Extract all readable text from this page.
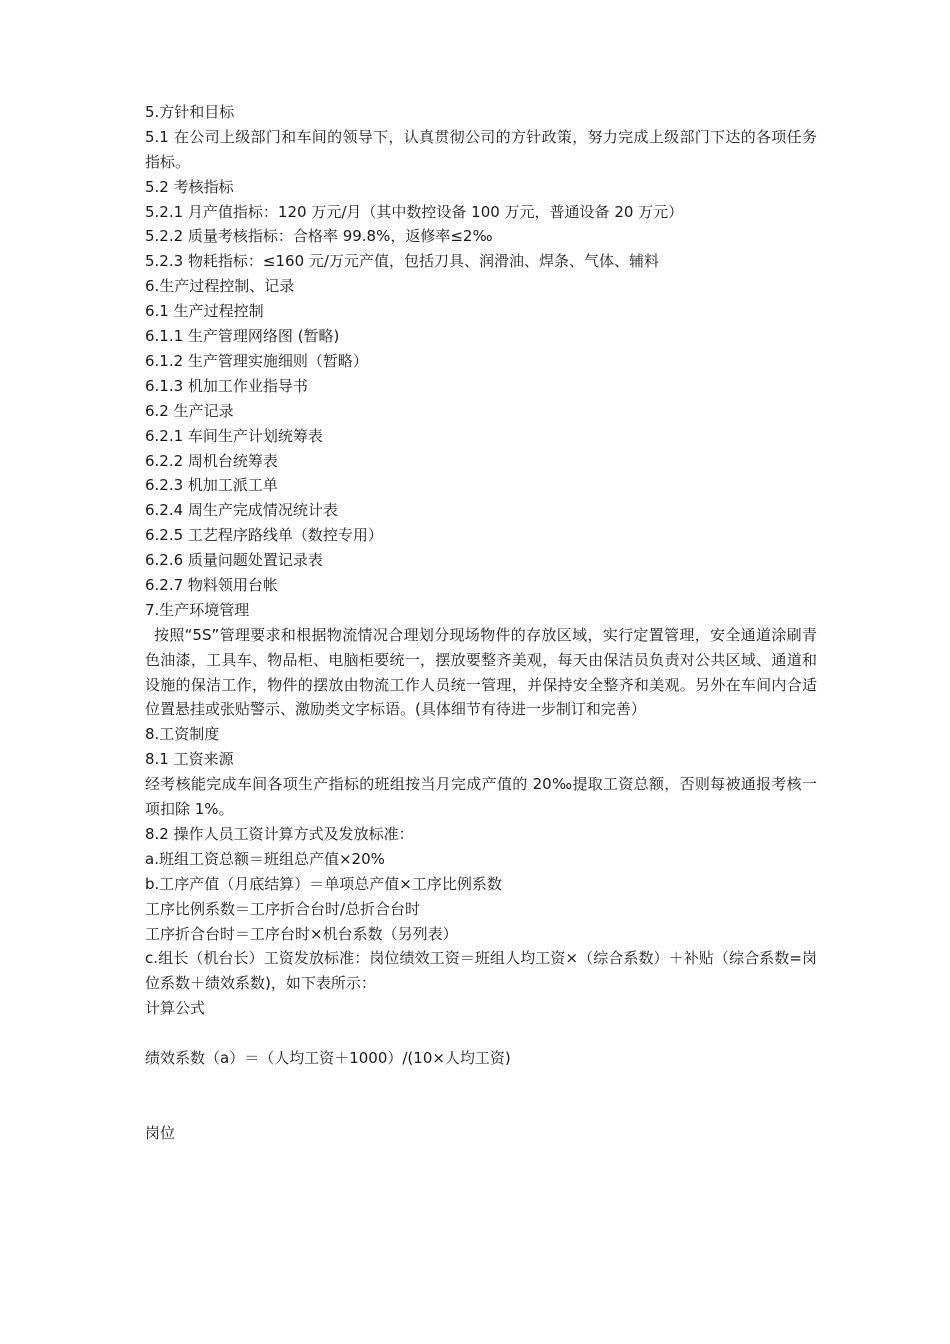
5.方针和目标
5.1 在公司上级部门和车间的领导下，认真贯彻公司的方针政策，努力完成上级部门下达的各项任务指标。
5.2 考核指标
5.2.1 月产值指标：120 万元/月（其中数控设备 100 万元，普通设备 20 万元）
5.2.2 质量考核指标：合格率 99.8%，返修率≤2‰
5.2.3 物耗指标：≤160 元/万元产值，包括刀具、润滑油、焊条、气体、辅料
6.生产过程控制、记录
6.1 生产过程控制
6.1.1 生产管理网络图 (暂略)
6.1.2 生产管理实施细则（暂略）
6.1.3 机加工作业指导书
6.2 生产记录
6.2.1 车间生产计划统筹表
6.2.2 周机台统筹表
6.2.3 机加工派工单
6.2.4 周生产完成情况统计表
6.2.5 工艺程序路线单（数控专用）
6.2.6 质量问题处置记录表
6.2.7 物料领用台帐
7.生产环境管理
按照“5S”管理要求和根据物流情况合理划分现场物件的存放区域，实行定置管理，安全通道涂刷青色油漆，工具车、物品柜、电脑柜要统一，摆放要整齐美观，每天由保洁员负责对公共区域、通道和设施的保洁工作，物件的摆放由物流工作人员统一管理，并保持安全整齐和美观。另外在车间内合适位置悬挂或张贴警示、激励类文字标语。(具体细节有待进一步制订和完善）
8.工资制度
8.1 工资来源
经考核能完成车间各项生产指标的班组按当月完成产值的 20‰提取工资总额，否则每被通报考核一项扣除 1%。
8.2 操作人员工资计算方式及发放标准：
a.班组工资总额＝班组总产值×20%
b.工序产值（月底结算）＝单项总产值×工序比例系数
工序比例系数＝工序折合台时/总折合台时
工序折合台时＝工序台时×机台系数（另列表）
c.组长（机台长）工资发放标准：岗位绩效工资＝班组人均工资×（综合系数）＋补贴（综合系数=岗位系数＋绩效系数)，如下表所示：
计算公式
绩效系数（a）＝（人均工资＋1000）/(10×人均工资)
岗位
